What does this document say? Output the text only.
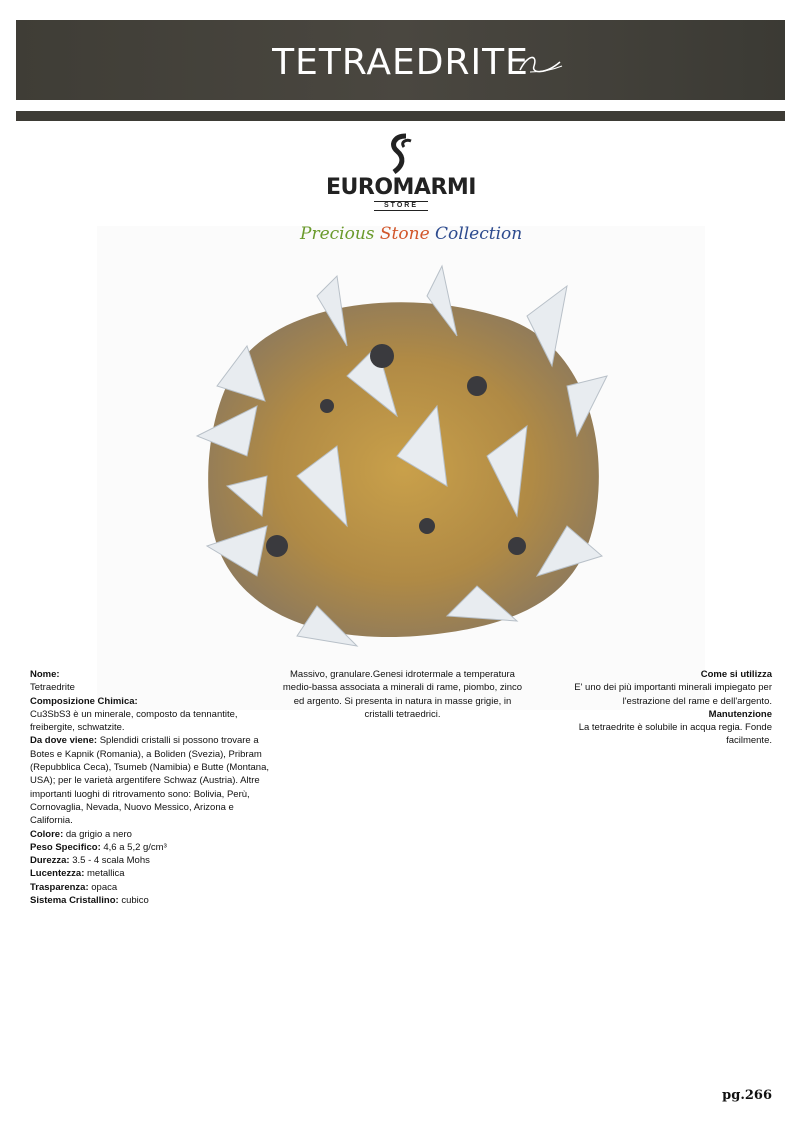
TETRAEDRITE
EUROMARMI
STORE
Precious Stone Collection
Nome:
Tetraedrite
Composizione Chimica:
Cu3SbS3 è un minerale, composto da tennantite, freibergite, schwatzite.
Da dove viene: Splendidi cristalli si possono trovare a Botes e Kapnik (Romania), a Boliden (Svezia), Pribram (Repubblica Ceca), Tsumeb (Namibia) e Butte (Montana, USA); per le varietà argentifere Schwaz (Austria). Altre importanti luoghi di ritrovamento sono: Bolivia, Perù, Cornovaglia, Nevada, Nuovo Messico, Arizona e California.
Colore: da grigio a nero
Peso Specifico: 4,6 a 5,2 g/cm³
Durezza: 3.5 - 4 scala Mohs
Lucentezza: metallica
Trasparenza: opaca
Sistema Cristallino: cubico
Massivo, granulare.Genesi idrotermale a temperatura medio-bassa associata a minerali di rame, piombo, zinco ed argento. Si presenta in natura in masse grigie, in cristalli tetraedrici.
Come si utilizza
E' uno dei più importanti minerali impiegato per l'estrazione del rame e dell'argento.
Manutenzione
La tetraedrite è solubile in acqua regia. Fonde facilmente.
pg.266
